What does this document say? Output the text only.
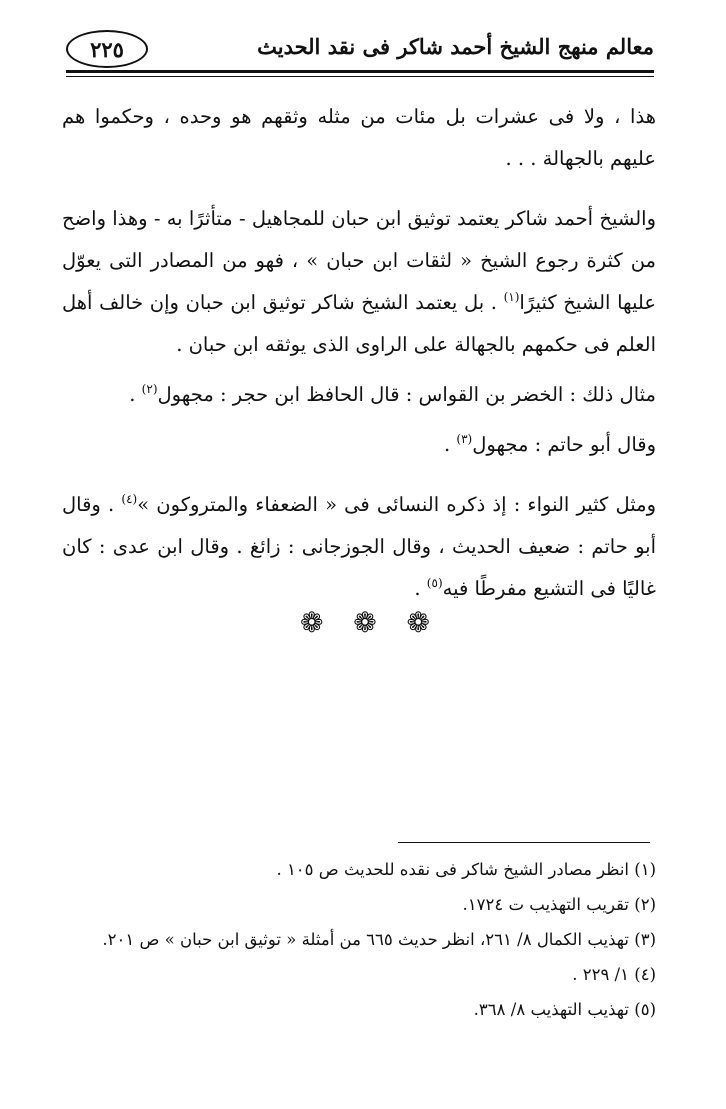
٢٢٥	معالم منهج الشيخ أحمد شاكر فى نقد الحديث

هذا ، ولا فى عشرات بل مئات من مثله وثقهم هو وحده ، وحكموا هم عليهم بالجهالة . . .

والشيخ أحمد شاكر يعتمد توثيق ابن حبان للمجاهيل - متأثرًا به - وهذا واضح من كثرة رجوع الشيخ « لثقات ابن حبان » ، فهو من المصادر التى يعوّل عليها الشيخ كثيرًا$^{(١)}$ . بل يعتمد الشيخ شاكر توثيق ابن حبان وإن خالف أهل العلم فى حكمهم بالجهالة على الراوى الذى يوثقه ابن حبان .

مثال ذلك : الخضر بن القواس : قال الحافظ ابن حجر : مجهول$^{(٢)}$ .

وقال أبو حاتم : مجهول$^{(٣)}$ .

ومثل كثير النواء : إذ ذكره النسائى فى « الضعفاء والمتروكون »$^{(٤)}$ . وقال أبو حاتم : ضعيف الحديث ، وقال الجوزجانى : زائغ . وقال ابن عدى : كان غاليًا فى التشيع مفرطًا فيه$^{(٥)}$ .

❁ ❁ ❁
(١) انظر مصادر الشيخ شاكر فى نقده للحديث ص ١٠٥ .
(٢) تقريب التهذيب ت ١٧٢٤.
(٣) تهذيب الكمال ٨/ ٢٦١، انظر حديث ٦٦٥ من أمثلة « توثيق ابن حبان » ص ٢٠١.
(٤) ١/ ٢٢٩ .
(٥) تهذيب التهذيب ٨/ ٣٦٨.
